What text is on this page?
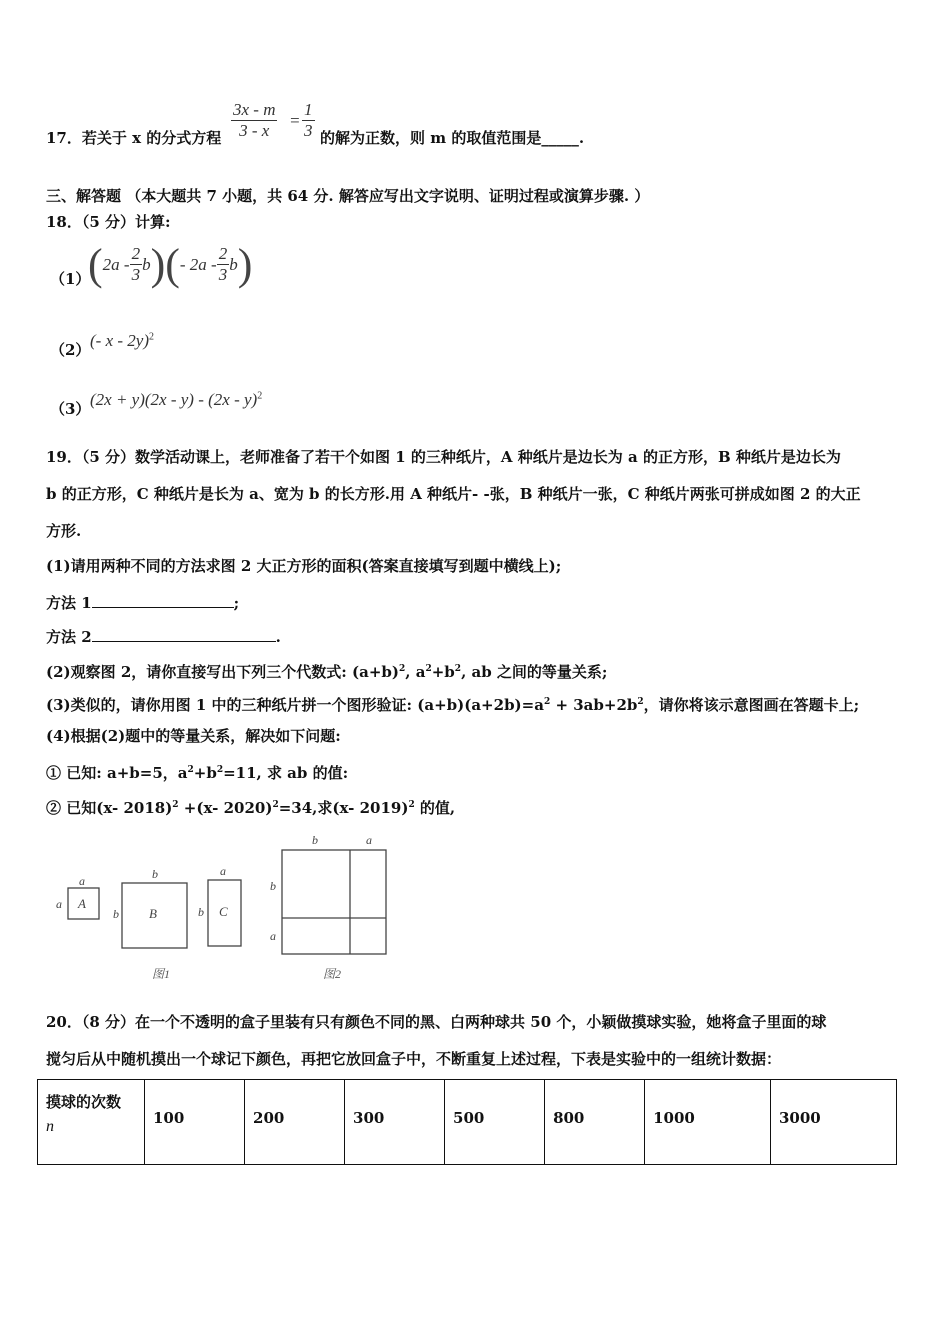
17．若关于 x 的分式方程 $\frac{3x - m}{3 - x} = \frac{1}{3}$ 的解为正数，则 m 的取值范围是_____.
三、解答题 （本大题共 7 小题，共 64 分. 解答应写出文字说明、证明过程或演算步骤. ）
18．（5 分）计算:
（1）
( $2a - \frac{2}{3}$ b ) ( - $2a - \frac{2}{3}$ b )
（2） (- x - 2y)$^2$
（3） (2x + y)(2x - y) - (2x - y)$^2$
19．（5 分）数学活动课上，老师准备了若干个如图 1 的三种纸片，A 种纸片是边长为 a 的正方形，B 种纸片是边长为
b 的正方形，C 种纸片是长为 a、宽为 b 的长方形.用 A 种纸片- -张，B 种纸片一张，C 种纸片两张可拼成如图 2 的大正
方形.
(1)请用两种不同的方法求图 2 大正方形的面积(答案直接填写到题中横线上);
方法 1	;
方法 2	.
(2)观察图 2，请你直接写出下列三个代数式: $(a+b)^2$, $a^2+b^2$, ab 之间的等量关系;
(3)类似的，请你用图 1 中的三种纸片拼一个图形验证: $(a+b)(a+2b)=a^2 + 3ab+2b^2$，请你将该示意图画在答题卡上;
(4)根据(2)题中的等量关系，解决如下问题:
① 已知: a+b=5，$a^2+b^2=11$, 求 ab 的值:
② 已知(x- 2018)$^2$ +(x- 2020)$^2$=34,求(x- 2019)$^2$ 的值,
a
a A
b
b B
a
b C
图1
b	a
b
a
图2
20．（8 分）在一个不透明的盒子里装有只有颜色不同的黑、白两种球共 50 个，小颖做摸球实验，她将盒子里面的球
搅匀后从中随机摸出一个球记下颜色，再把它放回盒子中，不断重复上述过程，下表是实验中的一组统计数据：
摸球的次数
n	100	200	300	500	800	1000	3000
